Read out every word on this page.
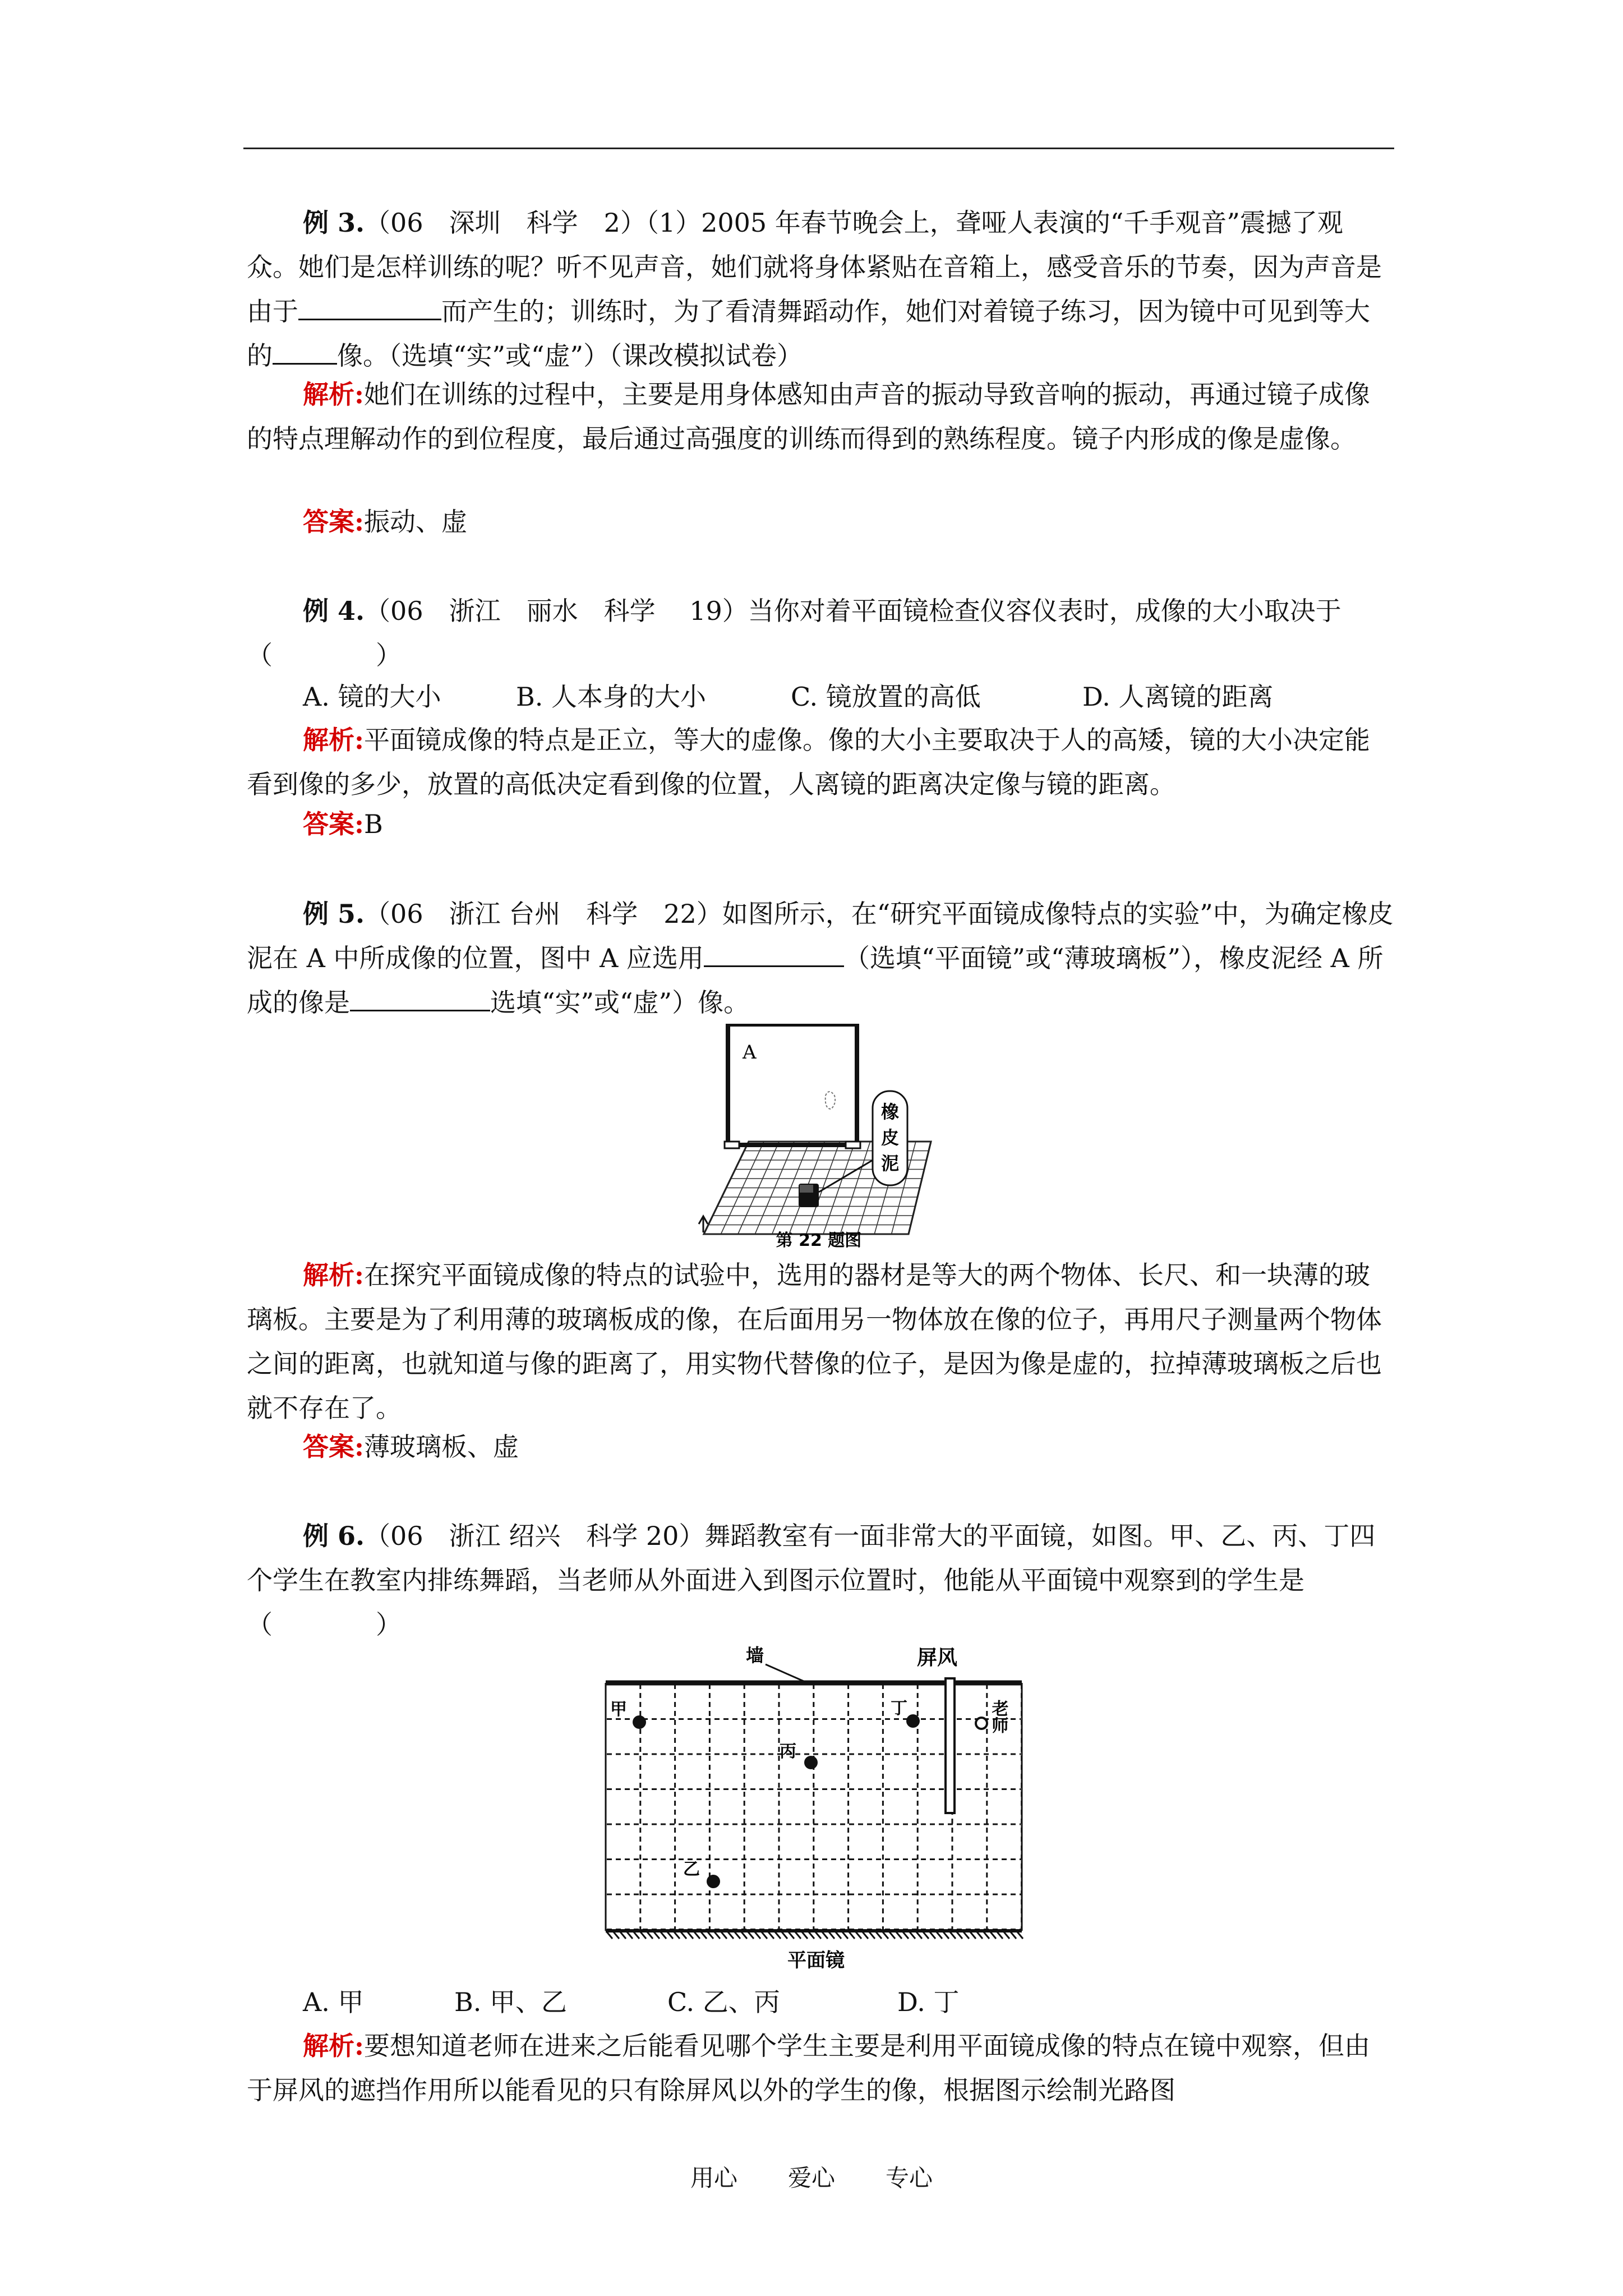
例 3.（06　深圳　科学　2）（1）2005 年春节晚会上，聋哑人表演的“千手观音”震撼了观众。她们是怎样训练的呢？听不见声音，她们就将身体紧贴在音箱上，感受音乐的节奏，因为声音是由于	而产生的；训练时，为了看清舞蹈动作，她们对着镜子练习，因为镜中可见到等大的	像。（选填“实”或“虚”）（课改模拟试卷）

解析:她们在训练的过程中，主要是用身体感知由声音的振动导致音响的振动，再通过镜子成像的特点理解动作的到位程度，最后通过高强度的训练而得到的熟练程度。镜子内形成的像是虚像。

答案:振动、虚

例 4.（06　浙江　丽水　科学　 19）当你对着平面镜检查仪容仪表时，成像的大小取决于（　　　　）

A. 镜的大小	B. 人本身的大小	C. 镜放置的高低	D. 人离镜的距离

解析:平面镜成像的特点是正立，等大的虚像。像的大小主要取决于人的高矮，镜的大小决定能看到像的多少，放置的高低决定看到像的位置，人离镜的距离决定像与镜的距离。

答案:B

例 5.（06　浙江 台州　科学　22）如图所示，在“研究平面镜成像特点的实验”中，为确定橡皮泥在 A 中所成像的位置，图中 A 应选用	（选填“平面镜”或“薄玻璃板”），橡皮泥经 A 所成的像是	选填“实”或“虚”）像。

A
橡
皮
泥
第 22 题图

解析:在探究平面镜成像的特点的试验中，选用的器材是等大的两个物体、长尺、和一块薄的玻璃板。主要是为了利用薄的玻璃板成的像，在后面用另一物体放在像的位子，再用尺子测量两个物体之间的距离，也就知道与像的距离了，用实物代替像的位子，是因为像是虚的，拉掉薄玻璃板之后也就不存在了。

答案:薄玻璃板、虚

例 6.（06　浙江 绍兴　科学 20）舞蹈教室有一面非常大的平面镜，如图。甲、乙、丙、丁四个学生在教室内排练舞蹈，当老师从外面进入到图示位置时，他能从平面镜中观察到的学生是（　　　　）

墙	屏风
老师
甲
丙
丁
乙
平面镜
A. 甲	B. 甲、乙	C. 乙、丙	D. 丁

解析:要想知道老师在进来之后能看见哪个学生主要是利用平面镜成像的特点在镜中观察，但由于屏风的遮挡作用所以能看见的只有除屏风以外的学生的像，根据图示绘制光路图

用心 爱心 专心
